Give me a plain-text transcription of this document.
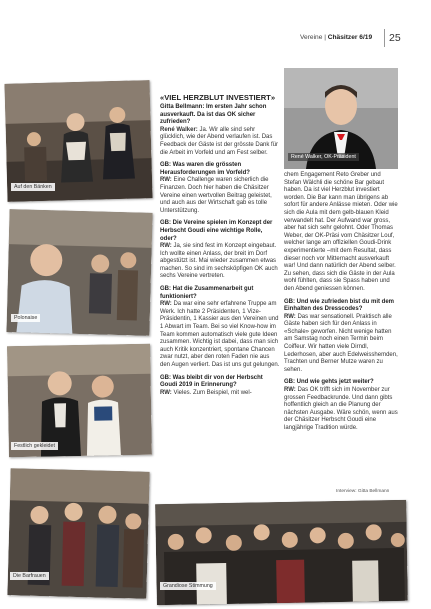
Vereine | Chäsitzer 6/19 25
Auf den Bänken
Polonaise
Festlich gekleidet
Die Barfrauen
René Walker, OK-Präsident
Grandiose Stimmung
«VIEL HERZBLUT INVESTIERT»

Gitta Bellmann: Im ersten Jahr schon ausverkauft. Da ist das OK sicher zufrieden?
René Walker: Ja. Wir alle sind sehr glücklich, wie der Abend verlaufen ist. Das Feedback der Gäste ist der grösste Dank für die Arbeit im Vorfeld und am Fest selber.

GB: Was waren die grössten Herausforderungen im Vorfeld?
RW: Eine Challenge waren sicherlich die Finanzen. Doch hier haben die Chäsitzer Vereine einen wertvollen Beitrag geleistet, und auch aus der Wirtschaft gab es tolle Unterstützung.

GB: Die Vereine spielen im Konzept der Herbscht Goudi eine wichtige Rolle, oder?
RW: Ja, sie sind fest im Konzept eingebaut. Ich wollte einen Anlass, der breit im Dorf abgestützt ist. Mai wieder zusammen etwas machen. So sind im sechsköpfigen OK auch sechs Vereine vertreten.

GB: Hat die Zusammenarbeit gut funktioniert?
RW: Da war eine sehr erfahrene Truppe am Werk. Ich hatte 2 Präsidenten, 1 Vize-Präsidentin, 1 Kassier aus den Vereinen und 1 Abwart im Team. Bei so viel Know-how im Team kommen automatisch viele gute Ideen zusammen. Wichtig ist dabei, dass man sich auch Kritik konzentriert, spontane Chancen zwar nutzt, aber den roten Faden nie aus den Augen verliert. Das ist uns gut gelungen.

GB: Was bleibt dir von der Herbscht Goudi 2019 in Erinnerung?
RW: Vieles. Zum Beispiel, mit wel-

chem Engagement Reto Greber und Stefan Wälchli die schöne Bar gebaut haben. Da ist viel Herzblut investiert worden. Die Bar kann man übrigens ab sofort für andere Anlässe mieten. Oder wie sich die Aula mit dem gelb-blauen Kleid verwandelt hat. Der Aufwand war gross, aber hat sich sehr gelohnt. Oder Thomas Weber, der OK-Präsi vom Chäsitzer Louf, welcher lange am offiziellen Goudi-Drink experimentierte –mit dem Resultat, dass dieser noch vor Mitternacht ausverkauft war! Und dann natürlich der Abend selber. Zu sehen, dass sich die Gäste in der Aula wohl fühlten, dass sie Spass haben und den Abend geniessen können.

GB: Und wie zufrieden bist du mit dem Einhalten des Dresscodes?
RW: Das war sensationell. Praktisch alle Gäste haben sich für den Anlass in «Schale» geworfen. Nicht wenige hatten am Samstag noch einen Termin beim Coiffeur. Wir hatten viele Dirndl, Lederhosen, aber auch Edelweisshemden, Trachten und Berner Mutze waren zu sehen.

GB: Und wie gehts jetzt weiter?
RW: Das OK trifft sich im November zur grossen Feedbackrunde. Und dann gibts hoffentlich gleich an die Planung der nächsten Ausgabe. Wäre schön, wenn aus der Chäsitzer Herbscht Goudi eine langjährige Tradition würde.

Interview: Gitta Bellmann
